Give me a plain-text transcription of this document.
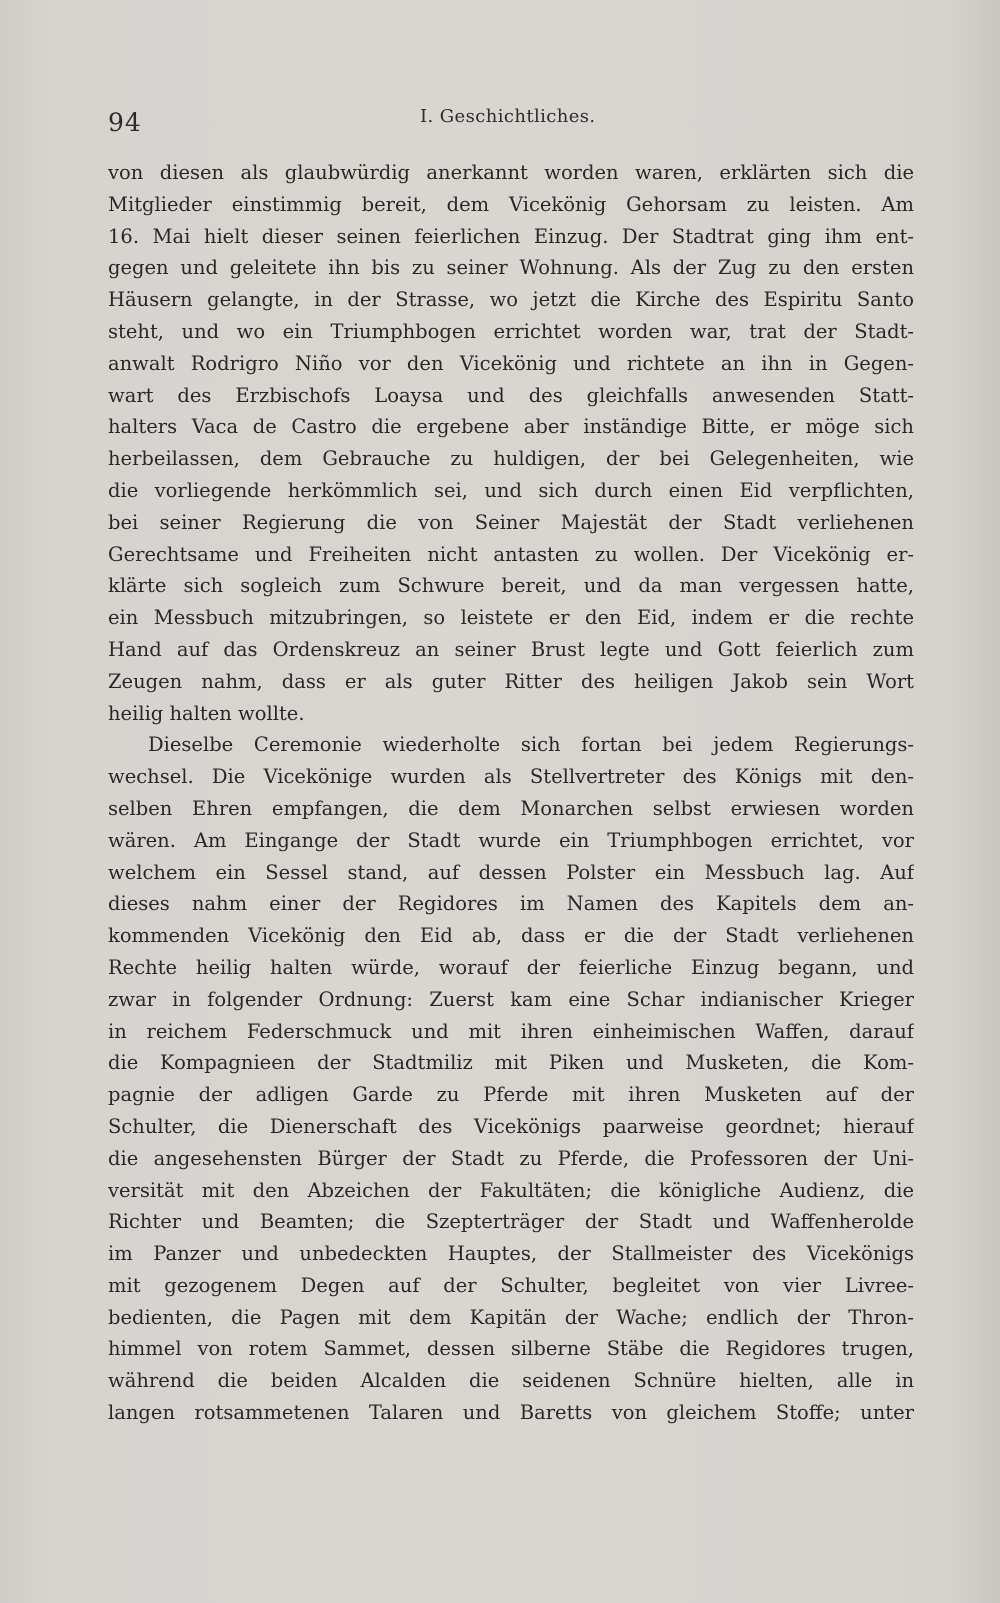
94	I. Geschichtliches.
von diesen als glaubwürdig anerkannt worden waren, erklärten sich die
Mitglieder einstimmig bereit, dem Vicekönig Gehorsam zu leisten. Am
16. Mai hielt dieser seinen feierlichen Einzug. Der Stadtrat ging ihm ent-
gegen und geleitete ihn bis zu seiner Wohnung. Als der Zug zu den ersten
Häusern gelangte, in der Strasse, wo jetzt die Kirche des Espiritu Santo
steht, und wo ein Triumphbogen errichtet worden war, trat der Stadt-
anwalt Rodrigro Niño vor den Vicekönig und richtete an ihn in Gegen-
wart des Erzbischofs Loaysa und des gleichfalls anwesenden Statt-
halters Vaca de Castro die ergebene aber inständige Bitte, er möge sich
herbeilassen, dem Gebrauche zu huldigen, der bei Gelegenheiten, wie
die vorliegende herkömmlich sei, und sich durch einen Eid verpflichten,
bei seiner Regierung die von Seiner Majestät der Stadt verliehenen
Gerechtsame und Freiheiten nicht antasten zu wollen. Der Vicekönig er-
klärte sich sogleich zum Schwure bereit, und da man vergessen hatte,
ein Messbuch mitzubringen, so leistete er den Eid, indem er die rechte
Hand auf das Ordenskreuz an seiner Brust legte und Gott feierlich zum
Zeugen nahm, dass er als guter Ritter des heiligen Jakob sein Wort
heilig halten wollte.
Dieselbe Ceremonie wiederholte sich fortan bei jedem Regierungs-
wechsel. Die Vicekönige wurden als Stellvertreter des Königs mit den-
selben Ehren empfangen, die dem Monarchen selbst erwiesen worden
wären. Am Eingange der Stadt wurde ein Triumphbogen errichtet, vor
welchem ein Sessel stand, auf dessen Polster ein Messbuch lag. Auf
dieses nahm einer der Regidores im Namen des Kapitels dem an-
kommenden Vicekönig den Eid ab, dass er die der Stadt verliehenen
Rechte heilig halten würde, worauf der feierliche Einzug begann, und
zwar in folgender Ordnung: Zuerst kam eine Schar indianischer Krieger
in reichem Federschmuck und mit ihren einheimischen Waffen, darauf
die Kompagnieen der Stadtmiliz mit Piken und Musketen, die Kom-
pagnie der adligen Garde zu Pferde mit ihren Musketen auf der
Schulter, die Dienerschaft des Vicekönigs paarweise geordnet; hierauf
die angesehensten Bürger der Stadt zu Pferde, die Professoren der Uni-
versität mit den Abzeichen der Fakultäten; die königliche Audienz, die
Richter und Beamten; die Szepterträger der Stadt und Waffenherolde
im Panzer und unbedeckten Hauptes, der Stallmeister des Vicekönigs
mit gezogenem Degen auf der Schulter, begleitet von vier Livree-
bedienten, die Pagen mit dem Kapitän der Wache; endlich der Thron-
himmel von rotem Sammet, dessen silberne Stäbe die Regidores trugen,
während die beiden Alcalden die seidenen Schnüre hielten, alle in
langen rotsammetenen Talaren und Baretts von gleichem Stoffe; unter
